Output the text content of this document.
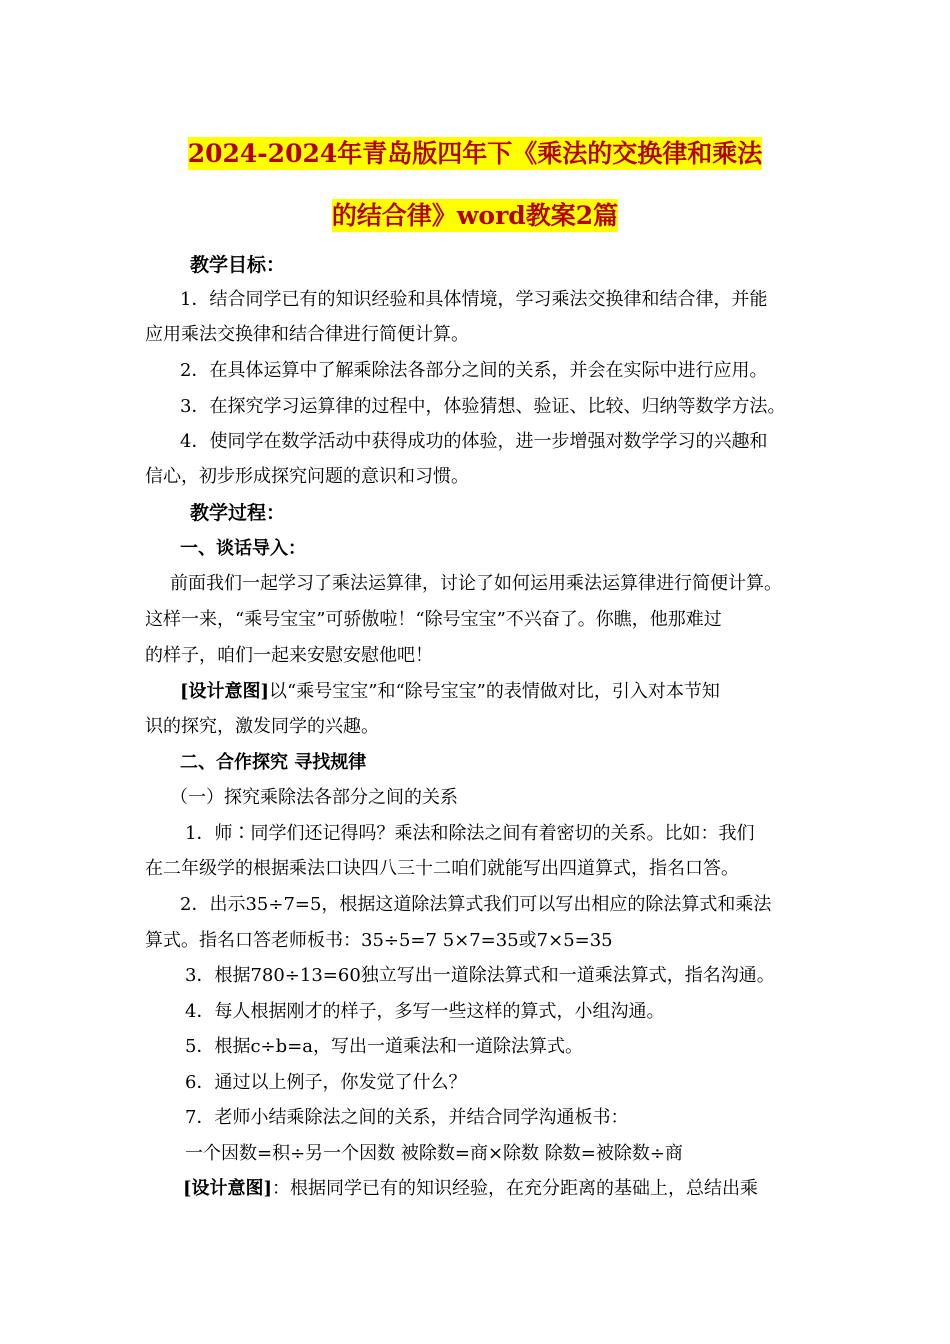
2024-2024年青岛版四年下《乘法的交换律和乘法
的结合律》word教案2篇
教学目标：
1．结合同学已有的知识经验和具体情境，学习乘法交换律和结合律，并能
应用乘法交换律和结合律进行简便计算。
2．在具体运算中了解乘除法各部分之间的关系，并会在实际中进行应用。
3．在探究学习运算律的过程中，体验猜想、验证、比较、归纳等数学方法。
4．使同学在数学活动中获得成功的体验，进一步增强对数学学习的兴趣和
信心，初步形成探究问题的意识和习惯。
教学过程：
一、谈话导入：
前面我们一起学习了乘法运算律，讨论了如何运用乘法运算律进行简便计算。
这样一来，“乘号宝宝”可骄傲啦！“除号宝宝”不兴奋了。你瞧，他那难过
的样子，咱们一起来安慰安慰他吧！
[设计意图]以“乘号宝宝”和“除号宝宝”的表情做对比，引入对本节知
识的探究，激发同学的兴趣。
二、合作探究 寻找规律
（一）探究乘除法各部分之间的关系
1．师∶同学们还记得吗？乘法和除法之间有着密切的关系。比如：我们
在二年级学的根据乘法口诀四八三十二咱们就能写出四道算式，指名口答。
2．出示35÷7=5，根据这道除法算式我们可以写出相应的除法算式和乘法
算式。指名口答老师板书：35÷5=7 5×7=35或7×5=35
3．根据780÷13=60独立写出一道除法算式和一道乘法算式，指名沟通。
4．每人根据刚才的样子，多写一些这样的算式，小组沟通。
5．根据c÷b=a，写出一道乘法和一道除法算式。
6．通过以上例子，你发觉了什么？
7．老师小结乘除法之间的关系，并结合同学沟通板书：
一个因数=积÷另一个因数 被除数=商×除数 除数=被除数÷商
[设计意图]：根据同学已有的知识经验，在充分距离的基础上，总结出乘
